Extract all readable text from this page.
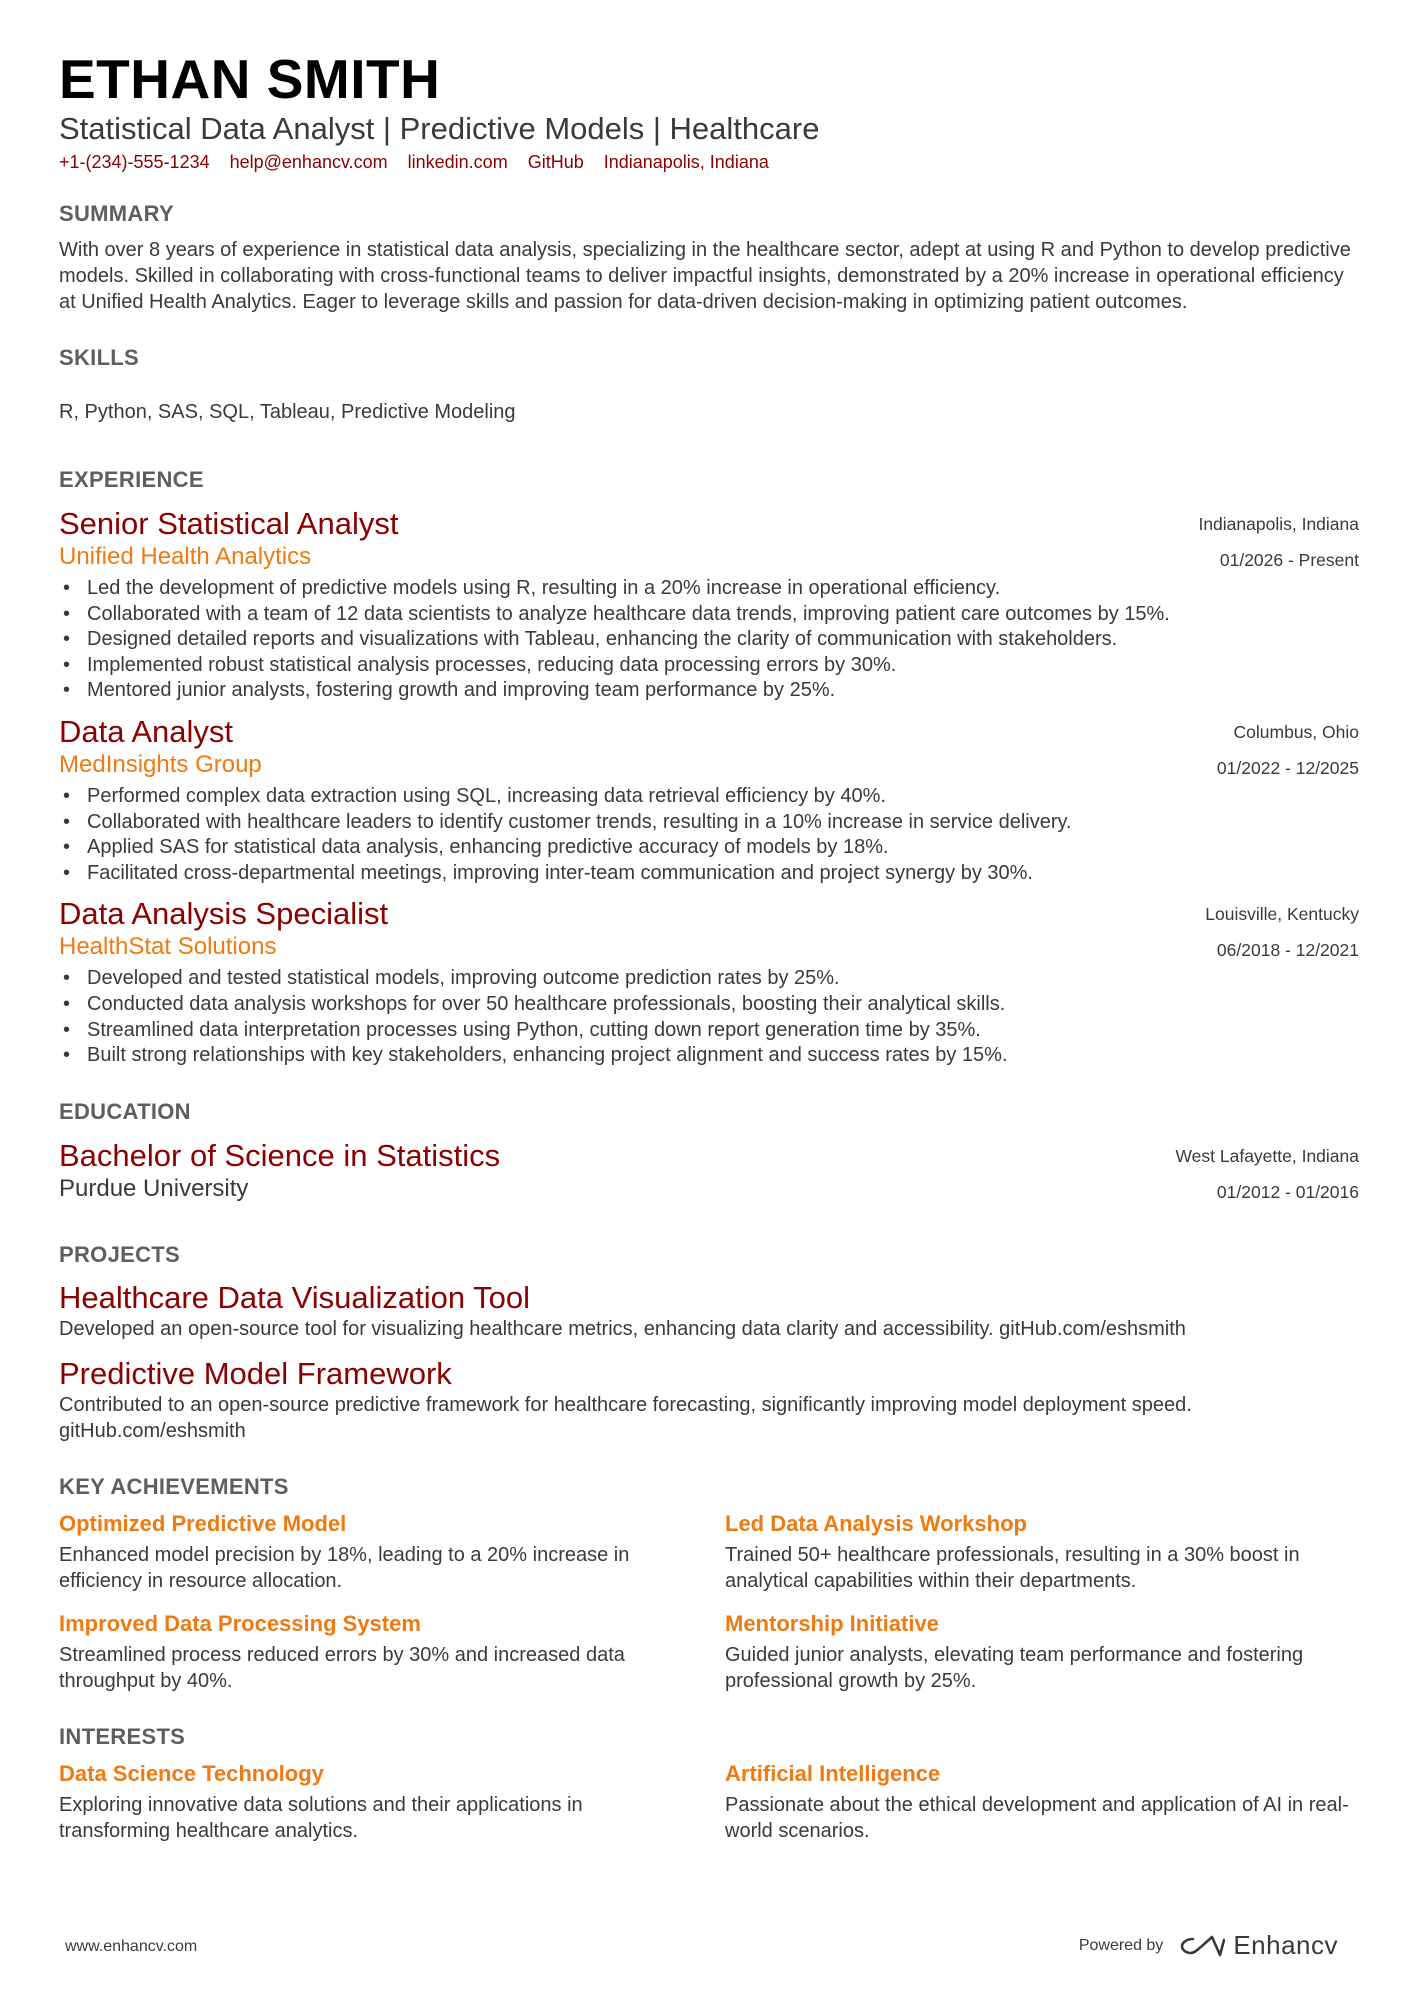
ETHAN SMITH
Statistical Data Analyst | Predictive Models | Healthcare
+1-(234)-555-1234 help@enhancv.com linkedin.com GitHub Indianapolis, Indiana
SUMMARY
With over 8 years of experience in statistical data analysis, specializing in the healthcare sector, adept at using R and Python to develop predictive models. Skilled in collaborating with cross-functional teams to deliver impactful insights, demonstrated by a 20% increase in operational efficiency at Unified Health Analytics. Eager to leverage skills and passion for data-driven decision-making in optimizing patient outcomes.
SKILLS
R, Python, SAS, SQL, Tableau, Predictive Modeling
EXPERIENCE
Senior Statistical Analyst
Unified Health Analytics
Indianapolis, Indiana
01/2026 - Present
• Led the development of predictive models using R, resulting in a 20% increase in operational efficiency.
• Collaborated with a team of 12 data scientists to analyze healthcare data trends, improving patient care outcomes by 15%.
• Designed detailed reports and visualizations with Tableau, enhancing the clarity of communication with stakeholders.
• Implemented robust statistical analysis processes, reducing data processing errors by 30%.
• Mentored junior analysts, fostering growth and improving team performance by 25%.
Data Analyst
MedInsights Group
Columbus, Ohio
01/2022 - 12/2025
• Performed complex data extraction using SQL, increasing data retrieval efficiency by 40%.
• Collaborated with healthcare leaders to identify customer trends, resulting in a 10% increase in service delivery.
• Applied SAS for statistical data analysis, enhancing predictive accuracy of models by 18%.
• Facilitated cross-departmental meetings, improving inter-team communication and project synergy by 30%.
Data Analysis Specialist
HealthStat Solutions
Louisville, Kentucky
06/2018 - 12/2021
• Developed and tested statistical models, improving outcome prediction rates by 25%.
• Conducted data analysis workshops for over 50 healthcare professionals, boosting their analytical skills.
• Streamlined data interpretation processes using Python, cutting down report generation time by 35%.
• Built strong relationships with key stakeholders, enhancing project alignment and success rates by 15%.
EDUCATION
Bachelor of Science in Statistics
Purdue University
West Lafayette, Indiana
01/2012 - 01/2016
PROJECTS
Healthcare Data Visualization Tool
Developed an open-source tool for visualizing healthcare metrics, enhancing data clarity and accessibility. gitHub.com/eshsmith
Predictive Model Framework
Contributed to an open-source predictive framework for healthcare forecasting, significantly improving model deployment speed. gitHub.com/eshsmith
KEY ACHIEVEMENTS
Optimized Predictive Model
Enhanced model precision by 18%, leading to a 20% increase in efficiency in resource allocation.
Led Data Analysis Workshop
Trained 50+ healthcare professionals, resulting in a 30% boost in analytical capabilities within their departments.
Improved Data Processing System
Streamlined process reduced errors by 30% and increased data throughput by 40%.
Mentorship Initiative
Guided junior analysts, elevating team performance and fostering professional growth by 25%.
INTERESTS
Data Science Technology
Exploring innovative data solutions and their applications in transforming healthcare analytics.
Artificial Intelligence
Passionate about the ethical development and application of AI in real-world scenarios.
www.enhancv.com	Powered by	Enhancv
